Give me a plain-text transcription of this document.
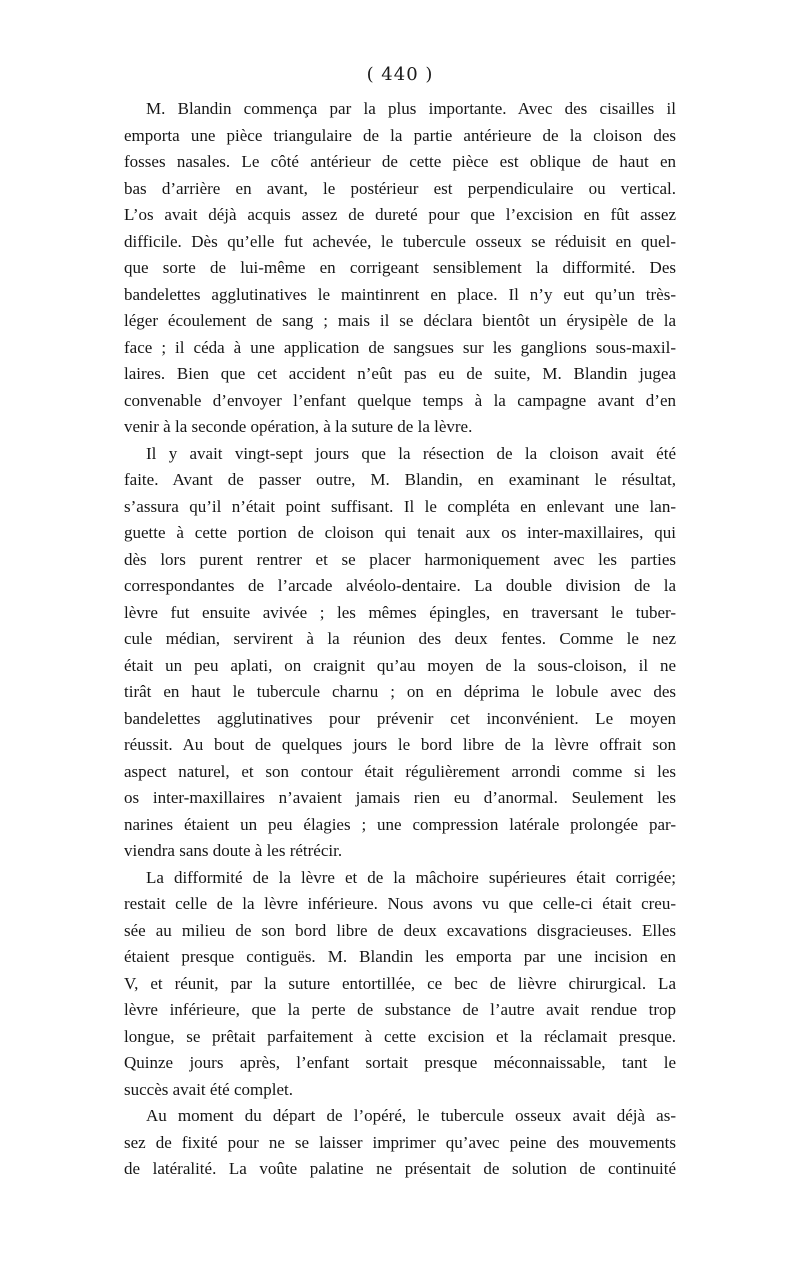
( 440 )

M. Blandin commença par la plus importante. Avec des cisailles il
emporta une pièce triangulaire de la partie antérieure de la cloison des
fosses nasales. Le côté antérieur de cette pièce est oblique de haut en
bas d’arrière en avant, le postérieur est perpendiculaire ou vertical.
L’os avait déjà acquis assez de dureté pour que l’excision en fût assez
difficile. Dès qu’elle fut achevée, le tubercule osseux se réduisit en quel-
que sorte de lui-même en corrigeant sensiblement la difformité. Des
bandelettes agglutinatives le maintinrent en place. Il n’y eut qu’un très-
léger écoulement de sang ; mais il se déclara bientôt un érysipèle de la
face ; il céda à une application de sangsues sur les ganglions sous-maxil-
laires. Bien que cet accident n’eût pas eu de suite, M. Blandin jugea
convenable d’envoyer l’enfant quelque temps à la campagne avant d’en
venir à la seconde opération, à la suture de la lèvre.

Il y avait vingt-sept jours que la résection de la cloison avait été
faite. Avant de passer outre, M. Blandin, en examinant le résultat,
s’assura qu’il n’était point suffisant. Il le compléta en enlevant une lan-
guette à cette portion de cloison qui tenait aux os inter-maxillaires, qui
dès lors purent rentrer et se placer harmoniquement avec les parties
correspondantes de l’arcade alvéolo-dentaire. La double division de la
lèvre fut ensuite avivée ; les mêmes épingles, en traversant le tuber-
cule médian, servirent à la réunion des deux fentes. Comme le nez
était un peu aplati, on craignit qu’au moyen de la sous-cloison, il ne
tirât en haut le tubercule charnu ; on en déprima le lobule avec des
bandelettes agglutinatives pour prévenir cet inconvénient. Le moyen
réussit. Au bout de quelques jours le bord libre de la lèvre offrait son
aspect naturel, et son contour était régulièrement arrondi comme si les
os inter-maxillaires n’avaient jamais rien eu d’anormal. Seulement les
narines étaient un peu élagies ; une compression latérale prolongée par-
viendra sans doute à les rétrécir.

La difformité de la lèvre et de la mâchoire supérieures était corrigée;
restait celle de la lèvre inférieure. Nous avons vu que celle-ci était creu-
sée au milieu de son bord libre de deux excavations disgracieuses. Elles
étaient presque contiguës. M. Blandin les emporta par une incision en
V, et réunit, par la suture entortillée, ce bec de lièvre chirurgical. La
lèvre inférieure, que la perte de substance de l’autre avait rendue trop
longue, se prêtait parfaitement à cette excision et la réclamait presque.
Quinze jours après, l’enfant sortait presque méconnaissable, tant le
succès avait été complet.

Au moment du départ de l’opéré, le tubercule osseux avait déjà as-
sez de fixité pour ne se laisser imprimer qu’avec peine des mouvements
de latéralité. La voûte palatine ne présentait de solution de continuité
